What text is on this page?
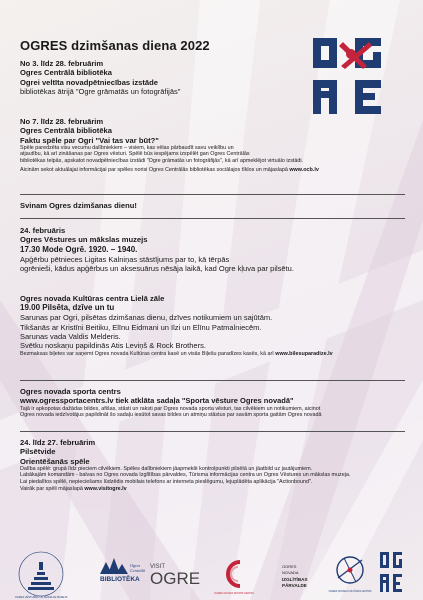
OGRES dzimšanas diena 2022
No 3. līdz 28. februārim
Ogres Centrālā bibliotēka
Ogrei veltīta novadpētniecības izstāde
bibliotēkas ātrijā "Ogre grāmatās un fotogrāfijās"
No 7. līdz 28. februārim
Ogres Centrālā bibliotēka
Faktu spēle par Ogri "Vai tas var būt?"
Spēle paredzēta visu vecumu dalībniekiem – visiem, kas vēlas pārbaudīt savu veiklību un
atjautību, kā arī zināšanas par Ogres vēsturi. Spēlē būs iespējams izspēlēt gan Ogres Centrālās
bibliotēkas telpās, apskatot novadpētniecības izstādi "Ogre grāmatās un fotogrāfijās", kā arī apmeklējot virtuālo izstādi.
Aicinām sekot aktuālajai informācijai par spēles norisi Ogres Centrālās bibliotēkas sociālajos tīklos un mājaslapā www.ocb.lv
Svinam Ogres dzimšanas dienu!
24. februāris
Ogres Vēstures un mākslas muzejs
17.30 Mode Ogrē. 1920. – 1940.
Apģērbu pētnieces Ligitas Kalniņas stāstījums par to, kā tērpās
ogrēnieši, kādus apģērbus un aksesuārus nēsāja laikā, kad Ogre kļuva par pilsētu.
Ogres novada Kultūras centra Lielā zāle
19.00 Pilsēta, dzīve un tu
Sarunas par Ogri, pilsētas dzimšanas dienu, dzīves notikumiem un sajūtām.
Tikšanās ar Kristīni Beitiku, Elīnu Eidmani un Ilzi un Elīnu Patmalniecēm.
Sarunas vada Valdis Melderis.
Svētku noskaņu papildinās Atis Leviņš & Rock Brothers.
Bezmaksas biļetes var saņemt Ogres novada Kultūras centra kasē un visās Biļešu paradīzes kasēs, kā arī www.bilesuparadize.lv
Ogres novada sporta centrs
www.ogressportacentrs.lv tiek atklāta sadaļa "Sporta vēsture Ogres novadā"
Tajā ir apkopotas dažādas bildes, afišas, stāsti un raksti par Ogres novada sporta vēsturi, tas cilvēkiem un notikumiem, aicinot
Ogres novada iedzīvotājus papildināt šo sadaļu iesūtot savas bildes un atmiņu stāstus par savām sporta gaitām Ogres novadā
24. līdz 27. februārim
Pilsētvide
Orientēšanās spēle
Dalība spēlē: grupā līdz pieciem cilvēkiem. Spēles dalībniekiem jāapmeklē kontrolpunkti pilsētā un jāatbild uz jautājumiem.
Labākajām komandām - balvas no Ogres novada Izglītības pārvaldes, Tūrisma informācijas centra un Ogres Vēstures un mākslas muzeja.
Lai piedalītos spēlē, nepieciešams lūdzēdis mobilais telefons ar interneta pieslēgumu, lejuplādēta aplikācija "Actionbound".
Vairāk par spēli mājaslapā www.visitogre.lv
OGRES VĒSTURES UN MĀKSLAS MUZEJS
Ogres
Centrālā
BIBLIOTĒKA
VISIT
OGRE
OGRES NOVADA SPORTA CENTRS
OGRES
NOVADA
IZGLĪTĪBAS
PĀRVALDE
OGRES NOVADA KULTŪRAS CENTRS
OGRE
